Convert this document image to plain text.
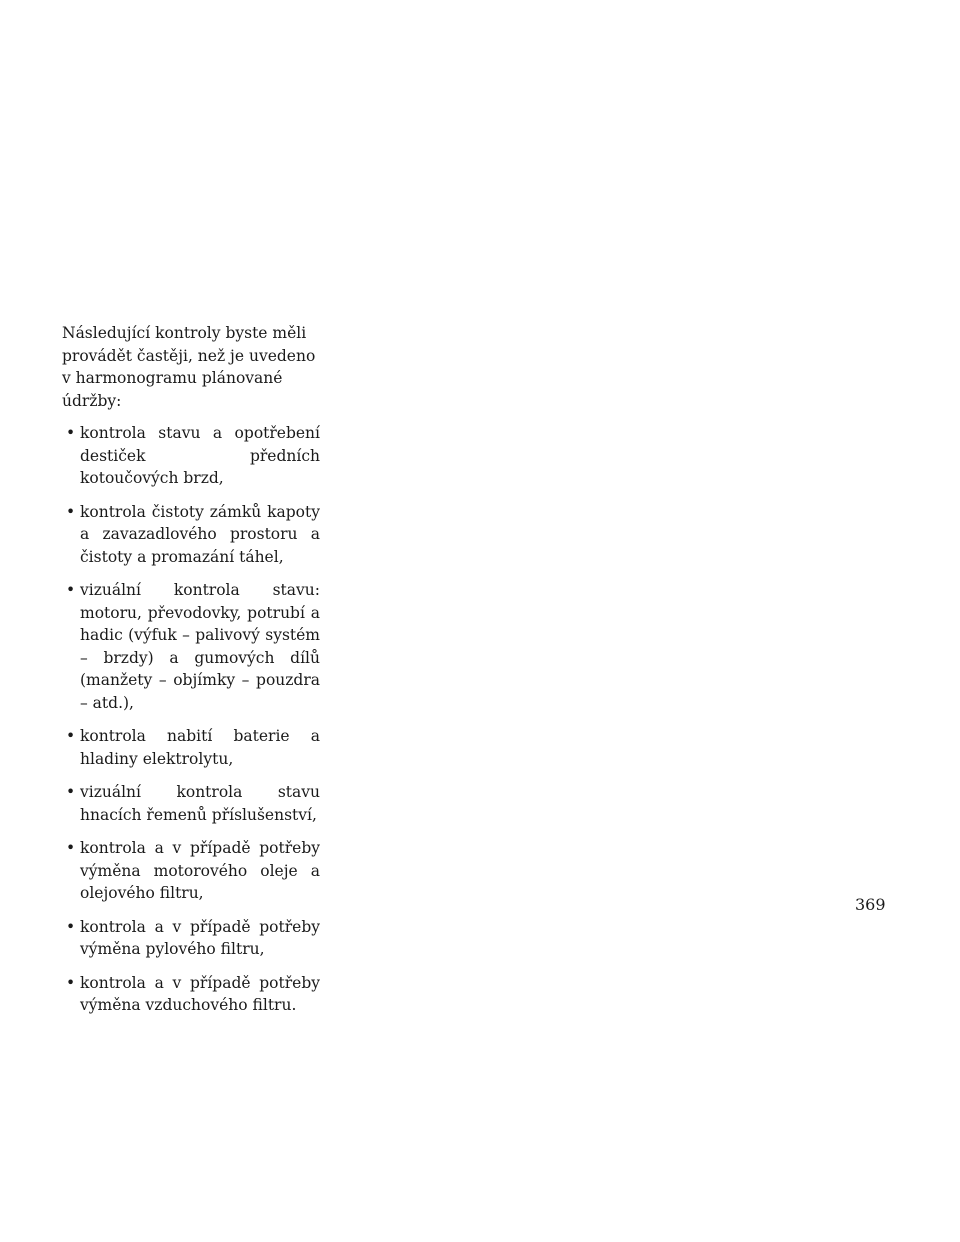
Následující kontroly byste měli provádět častěji, než je uvedeno v harmonogramu plánované údržby:

• kontrola stavu a opotřebení destiček předních kotoučových brzd,
• kontrola čistoty zámků kapoty a zavazadlového prostoru a čistoty a promazání táhel,
• vizuální kontrola stavu: motoru, převodovky, potrubí a hadic (výfuk – palivový systém – brzdy) a gumových dílů (manžety – objímky – pouzdra – atd.),
• kontrola nabití baterie a hladiny elektrolytu,
• vizuální kontrola stavu hnacích řemenů příslušenství,
• kontrola a v případě potřeby výměna motorového oleje a olejového filtru,
• kontrola a v případě potřeby výměna pylového filtru,
• kontrola a v případě potřeby výměna vzduchového filtru.
369
